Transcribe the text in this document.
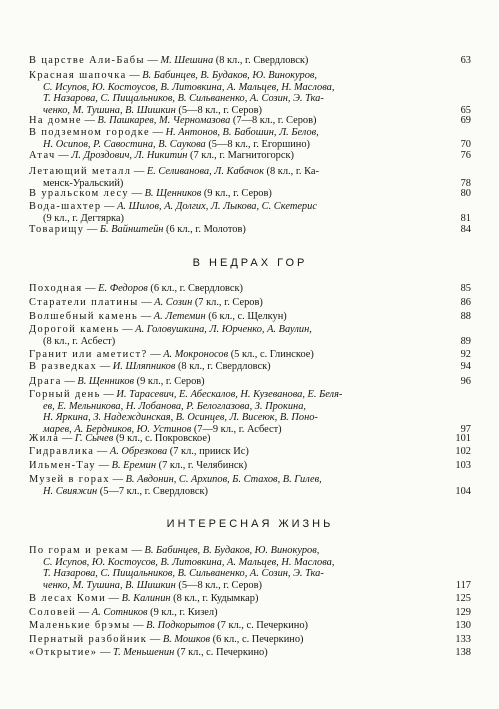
В царстве Али-Бабы — М. Шешина (8 кл., г. Свердловск)	63
Красная шапочка — В. Бабинцев, В. Будаков, Ю. Винокуров,
С. Исупов, Ю. Костоусов, В. Литовкина, А. Мальцев, Н. Маслова,
Т. Назарова, С. Пищальников, В. Сильваненко, А. Созин, Э. Тка-
ченко, М. Тушина, В. Шишкин (5—8 кл., г. Серов)	65
На домне — В. Пашкарев, М. Черномазова (7—8 кл., г. Серов)	69
В подземном городке — Н. Антонов, В. Бабошин, Л. Белов,
Н. Осипов, Р. Савостина, В. Саукова (5—8 кл., г. Егоршино)	70
Атач — Л. Дроздович, Л. Никитин (7 кл., г. Магнитогорск)	76
Летающий металл — Е. Селиванова, Л. Кабачок (8 кл., г. Ка-
менск-Уральский)	78
В уральском лесу — В. Щенников (9 кл., г. Серов)	80
Вода-шахтер — А. Шилов, А. Долгих, Л. Лыкова, С. Скетерис
(9 кл., г. Дегтярка)	81
Товарищу — Б. Вайнштейн (6 кл., г. Молотов)	84
В НЕДРАХ ГОР
Походная — Е. Федоров (6 кл., г. Свердловск)	85
Старатели платины — А. Созин (7 кл., г. Серов)	86
Волшебный камень — А. Летемин (6 кл., с. Щелкун)	88
Дорогой камень — А. Головушкина, Л. Юрченко, А. Ваулин,
(8 кл., г. Асбест)	89
Гранит или аметист? — А. Мокроносов (5 кл., с. Глинское)	92
В разведках — И. Шляпников (8 кл., г. Свердловск)	94
Драга — В. Щенников (9 кл., г. Серов)	96
Горный день — И. Тарасевич, Е. Абескалов, Н. Кузеванова, Е. Беля-
ев, Е. Мельникова, Н. Лобанова, Р. Белоглазова, З. Прокина,
Н. Яркина, З. Надеждинская, В. Осинцев, Л. Висеюк, В. Поно-
марев, А. Бердников, Ю. Устинов (7—9 кл., г. Асбест)	97
Жила — Г. Сычев (9 кл., с. Покровское)	101
Гидравлика — А. Обрезкова (7 кл., прииск Ис)	102
Ильмен-Тау — В. Еремин (7 кл., г. Челябинск)	103
Музей в горах — В. Авдонин, С. Архипов, Б. Стахов, В. Гилев,
Н. Свияжин (5—7 кл., г. Свердловск)	104
ИНТЕРЕСНАЯ ЖИЗНЬ
По горам и рекам — В. Бабинцев, В. Будаков, Ю. Винокуров,
С. Исупов, Ю. Костоусов, В. Литовкина, А. Мальцев, Н. Маслова,
Т. Назарова, С. Пищальников, В. Сильваненко, А. Созин, Э. Тка-
ченко, М. Тушина, В. Шишкин (5—8 кл., г. Серов)	117
В лесах Коми — В. Калинин (8 кл., г. Кудымкар)	125
Соловей — А. Сотников (9 кл., г. Кизел)	129
Маленькие брэмы — В. Подкорытов (7 кл., с. Печеркино)	130
Пернатый разбойник — В. Мошков (6 кл., с. Печеркино)	133
«Открытие» — Т. Меньшенин (7 кл., с. Печеркино)	138
